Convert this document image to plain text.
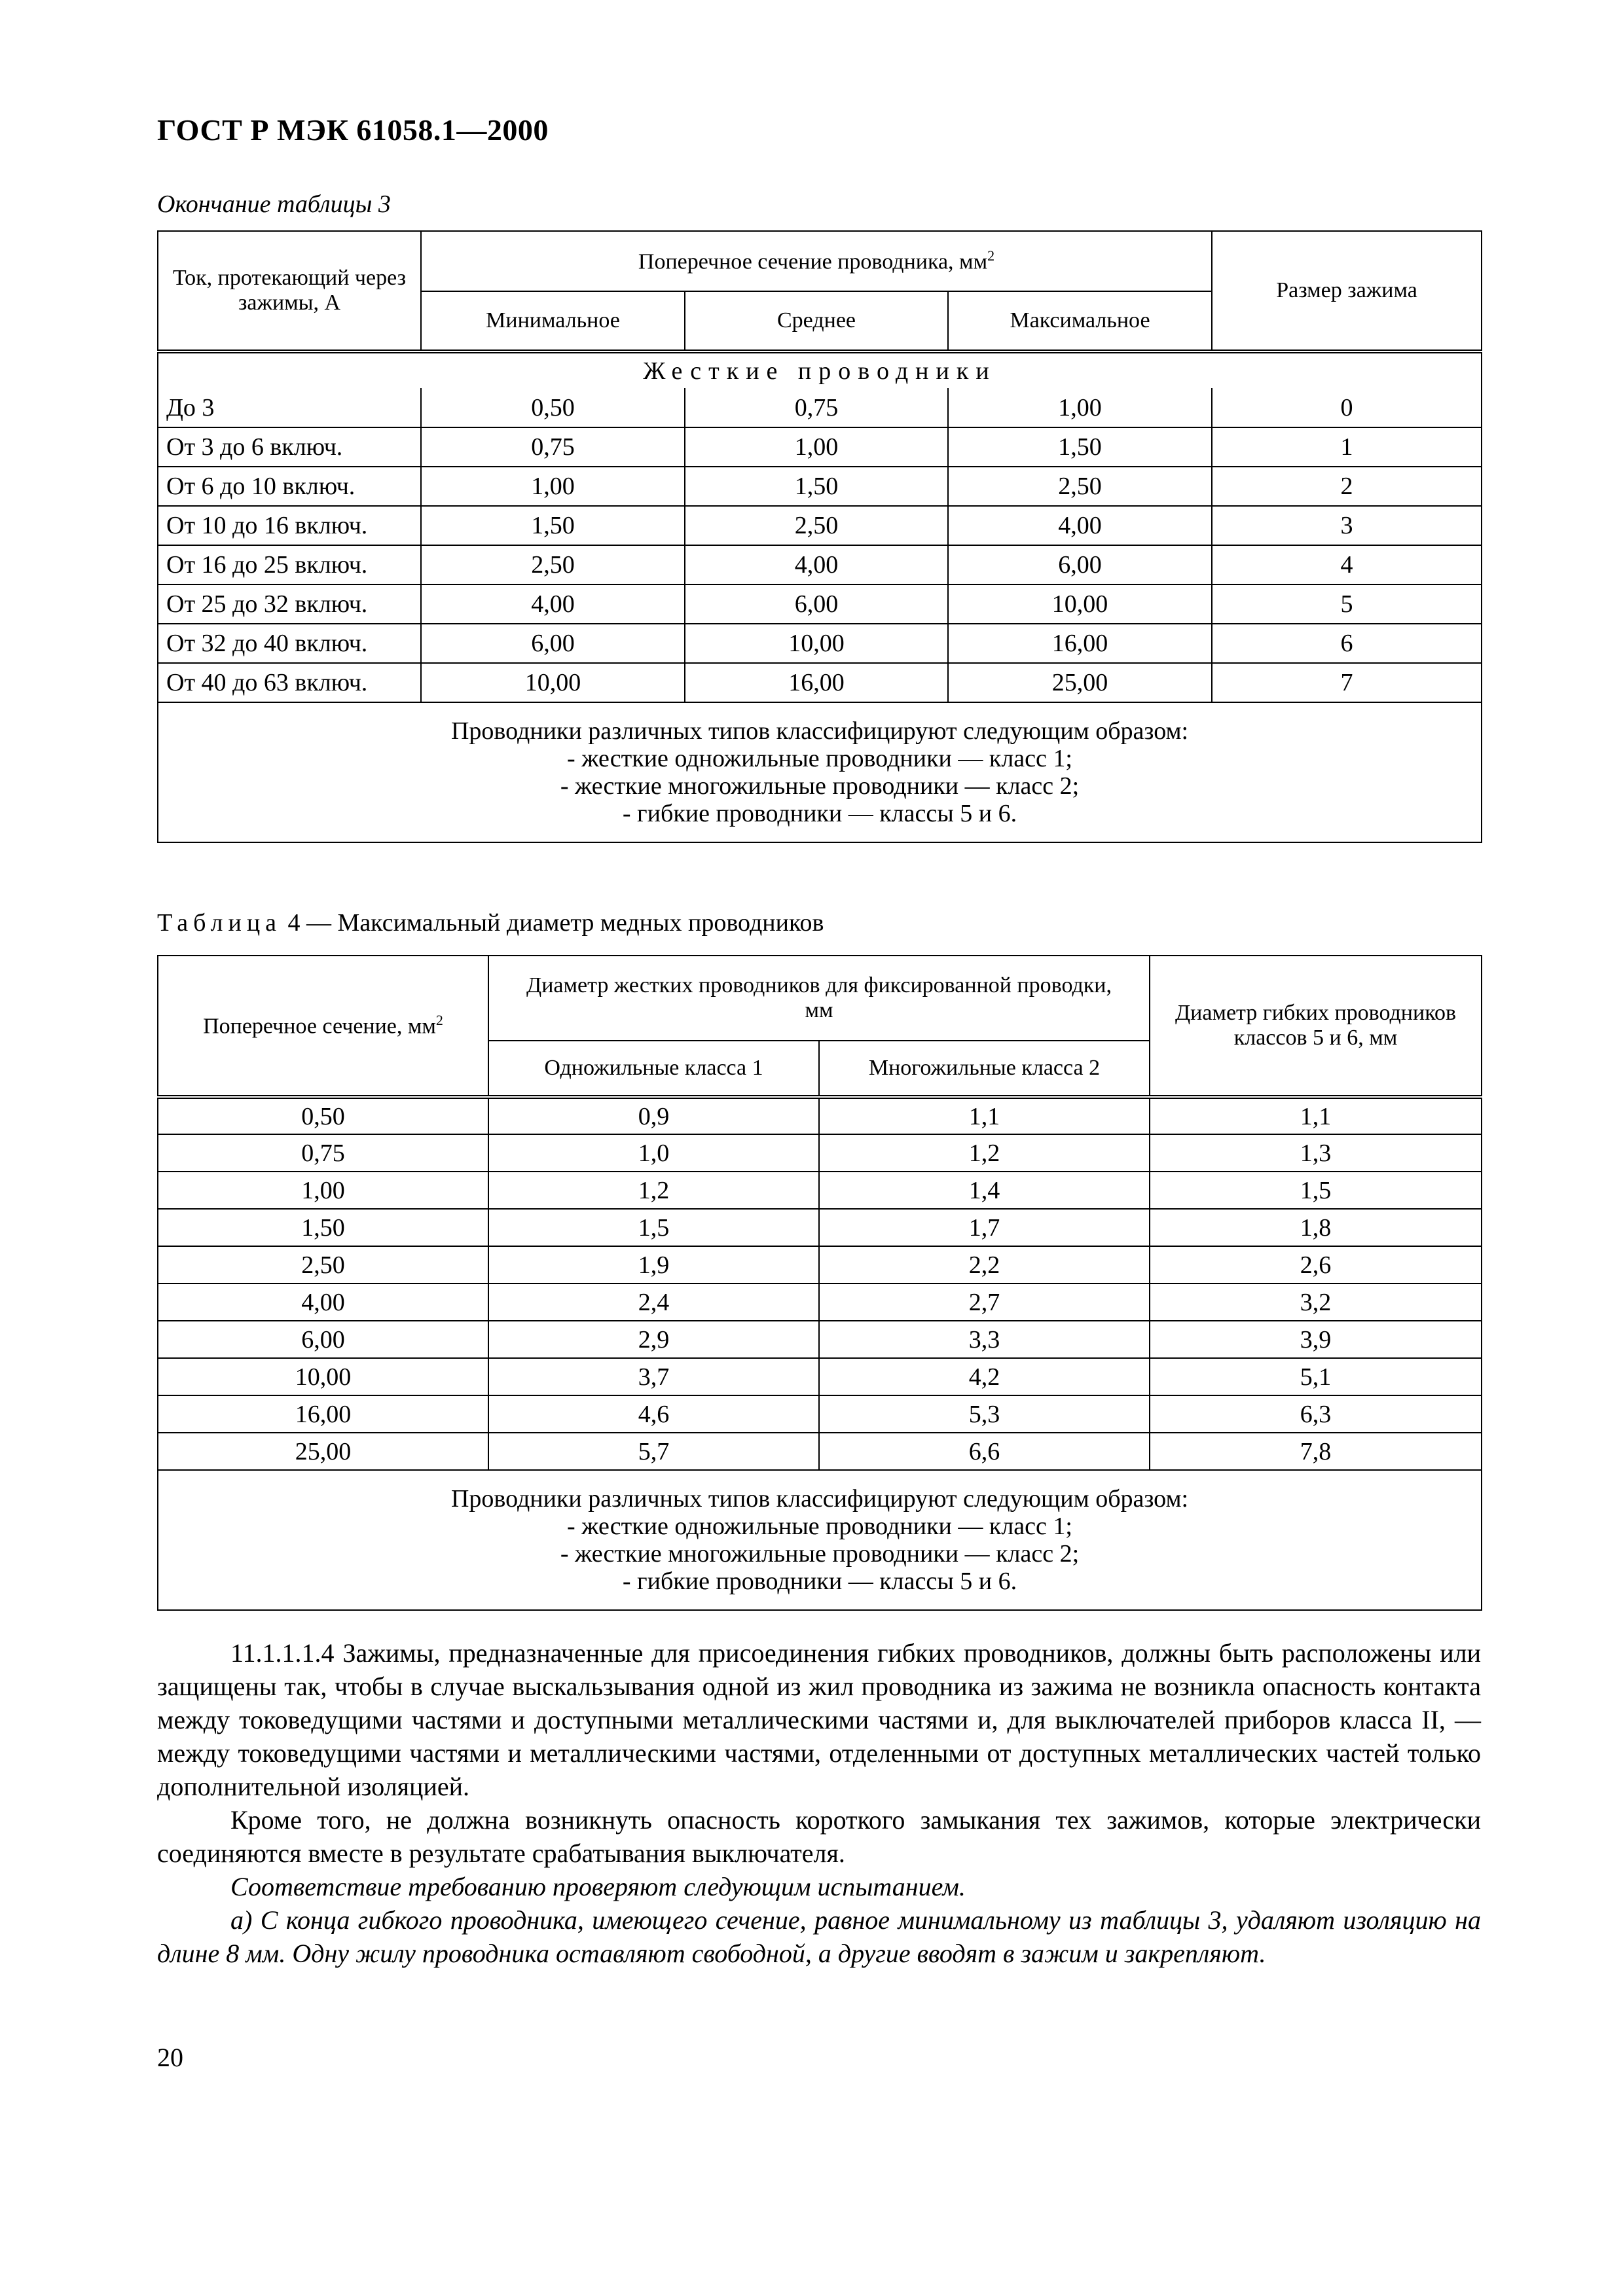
ГОСТ Р МЭК 61058.1—2000
Окончание таблицы 3
Ток, протекающий через зажимы, А	Поперечное сечение проводника, $мм^2$			Размер зажима
	Минимальное	Среднее	Максимальное	
Жесткие проводники				
До 3	0,50	0,75	1,00	0
От 3 до 6 включ.	0,75	1,00	1,50	1
От 6 до 10 включ.	1,00	1,50	2,50	2
От 10 до 16 включ.	1,50	2,50	4,00	3
От 16 до 25 включ.	2,50	4,00	6,00	4
От 25 до 32 включ.	4,00	6,00	10,00	5
От 32 до 40 включ.	6,00	10,00	16,00	6
От 40 до 63 включ.	10,00	16,00	25,00	7

Проводники различных типов классифицируют следующим образом:
- жесткие одножильные проводники — класс 1;
- жесткие многожильные проводники — класс 2;
- гибкие проводники — классы 5 и 6.				
Таблица 4 — Максимальный диаметр медных проводников
Поперечное сечение, $мм^2$	Диаметр жестких проводников для фиксированной проводки, мм		Диаметр гибких проводников классов 5 и 6, мм
	Одножильные класса 1	Многожильные класса 2	
0,50	0,9	1,1	1,1
0,75	1,0	1,2	1,3
1,00	1,2	1,4	1,5
1,50	1,5	1,7	1,8
2,50	1,9	2,2	2,6
4,00	2,4	2,7	3,2
6,00	2,9	3,3	3,9
10,00	3,7	4,2	5,1
16,00	4,6	5,3	6,3
25,00	5,7	6,6	7,8

Проводники различных типов классифицируют следующим образом:
- жесткие одножильные проводники — класс 1;
- жесткие многожильные проводники — класс 2;
- гибкие проводники — классы 5 и 6.			

11.1.1.1.4 Зажимы, предназначенные для присоединения гибких проводников, должны быть расположены или защищены так, чтобы в случае выскальзывания одной из жил проводника из зажима не возникла опасность контакта между токоведущими частями и доступными металлическими частями и, для выключателей приборов класса II, — между токоведущими частями и металлическими частями, отделенными от доступных металлических частей только дополнительной изоляцией.

Кроме того, не должна возникнуть опасность короткого замыкания тех зажимов, которые электрически соединяются вместе в результате срабатывания выключателя.

Соответствие требованию проверяют следующим испытанием.

а) С конца гибкого проводника, имеющего сечение, равное минимальному из таблицы 3, удаляют изоляцию на длине 8 мм. Одну жилу проводника оставляют свободной, а другие вводят в зажим и закрепляют.

20
